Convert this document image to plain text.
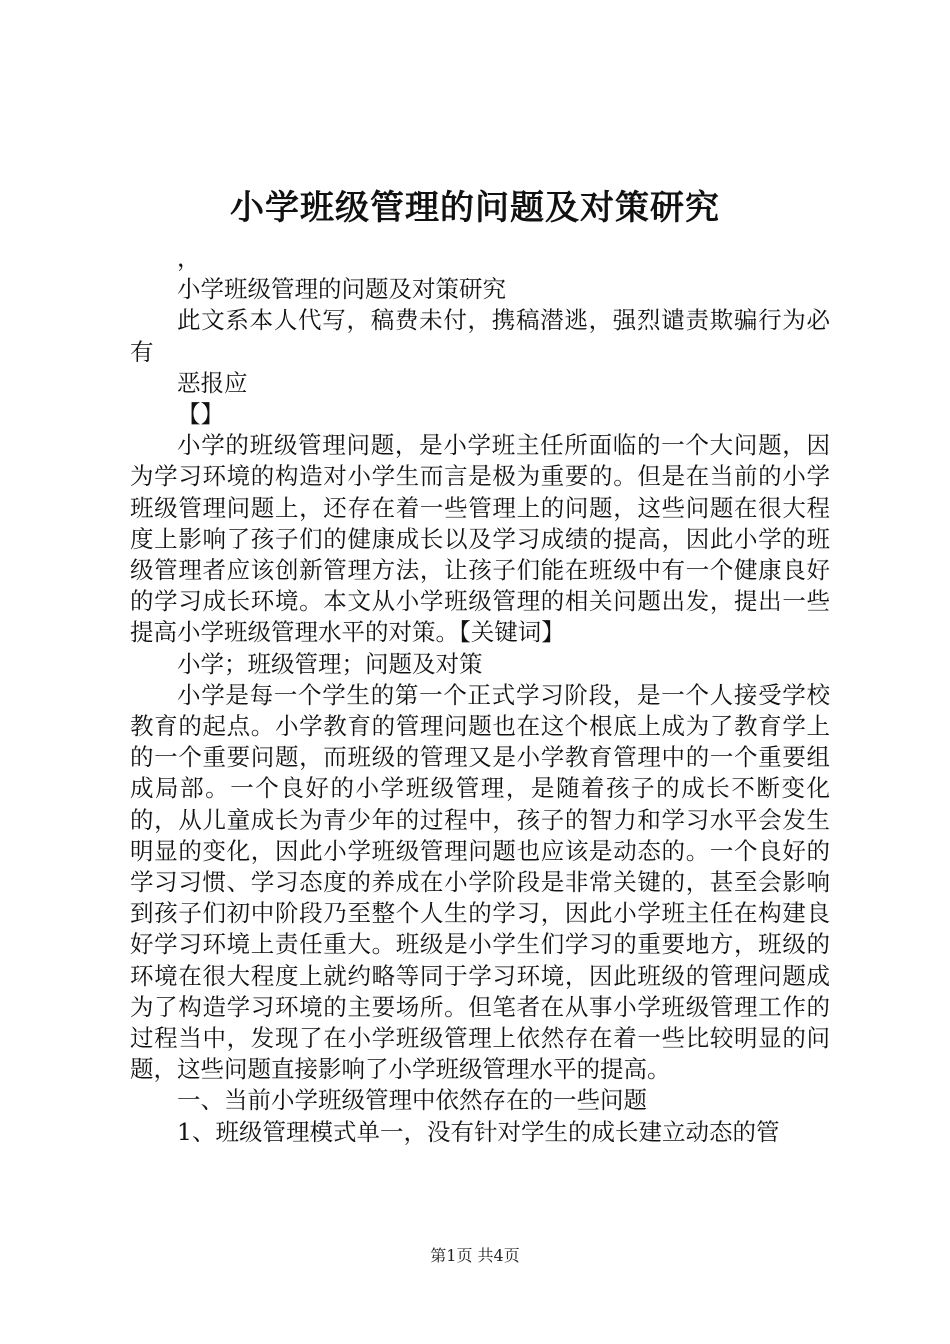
小学班级管理的问题及对策研究

，

小学班级管理的问题及对策研究

此文系本人代写，稿费未付，携稿潜逃，强烈谴责欺骗行为必有

恶报应

【】

小学的班级管理问题，是小学班主任所面临的一个大问题，因为学习环境的构造对小学生而言是极为重要的。但是在当前的小学班级管理问题上，还存在着一些管理上的问题，这些问题在很大程度上影响了孩子们的健康成长以及学习成绩的提高，因此小学的班级管理者应该创新管理方法，让孩子们能在班级中有一个健康良好的学习成长环境。本文从小学班级管理的相关问题出发，提出一些提高小学班级管理水平的对策。【关键词】

小学；班级管理；问题及对策

小学是每一个学生的第一个正式学习阶段，是一个人接受学校教育的起点。小学教育的管理问题也在这个根底上成为了教育学上的一个重要问题，而班级的管理又是小学教育管理中的一个重要组成局部。一个良好的小学班级管理，是随着孩子的成长不断变化的，从儿童成长为青少年的过程中，孩子的智力和学习水平会发生明显的变化，因此小学班级管理问题也应该是动态的。一个良好的学习习惯、学习态度的养成在小学阶段是非常关键的，甚至会影响到孩子们初中阶段乃至整个人生的学习，因此小学班主任在构建良好学习环境上责任重大。班级是小学生们学习的重要地方，班级的环境在很大程度上就约略等同于学习环境，因此班级的管理问题成为了构造学习环境的主要场所。但笔者在从事小学班级管理工作的过程当中，发现了在小学班级管理上依然存在着一些比较明显的问题，这些问题直接影响了小学班级管理水平的提高。

一、当前小学班级管理中依然存在的一些问题

1、班级管理模式单一，没有针对学生的成长建立动态的管

第1页 共4页
